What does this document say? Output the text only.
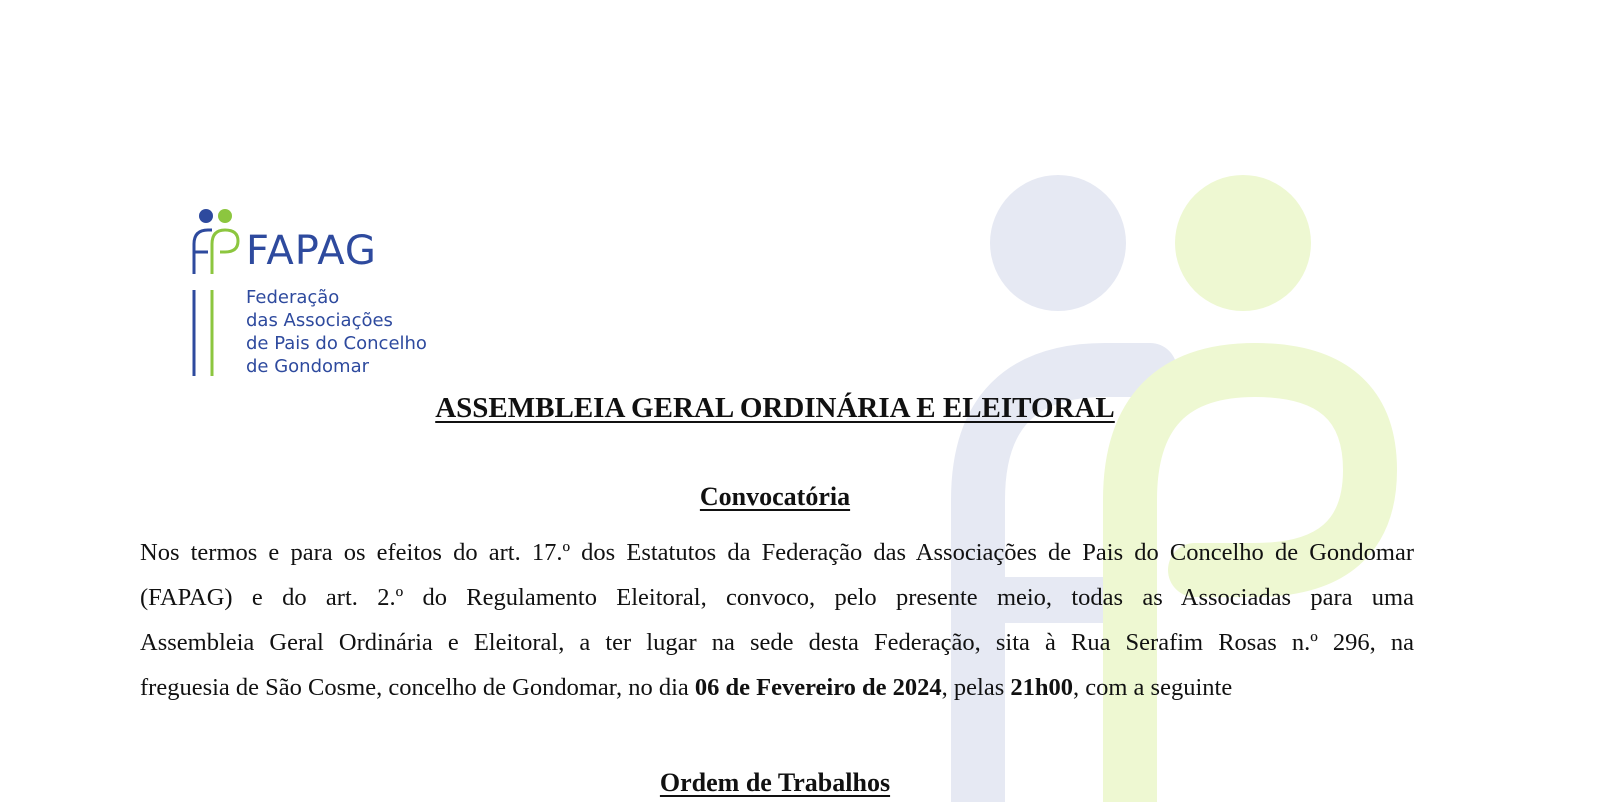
FAPAG
Federação
das Associações
de Pais do Concelho
de Gondomar
ASSEMBLEIA GERAL ORDINÁRIA E ELEITORAL
Convocatória
Nos termos e para os efeitos do art. 17.º dos Estatutos da Federação das Associações de Pais do Concelho de Gondomar
(FAPAG) e do art. 2.º do Regulamento Eleitoral, convoco, pelo presente meio, todas as Associadas para uma
Assembleia Geral Ordinária e Eleitoral, a ter lugar na sede desta Federação, sita à Rua Serafim Rosas n.º 296, na
freguesia de São Cosme, concelho de Gondomar, no dia 06 de Fevereiro de 2024, pelas 21h00, com a seguinte
Ordem de Trabalhos
